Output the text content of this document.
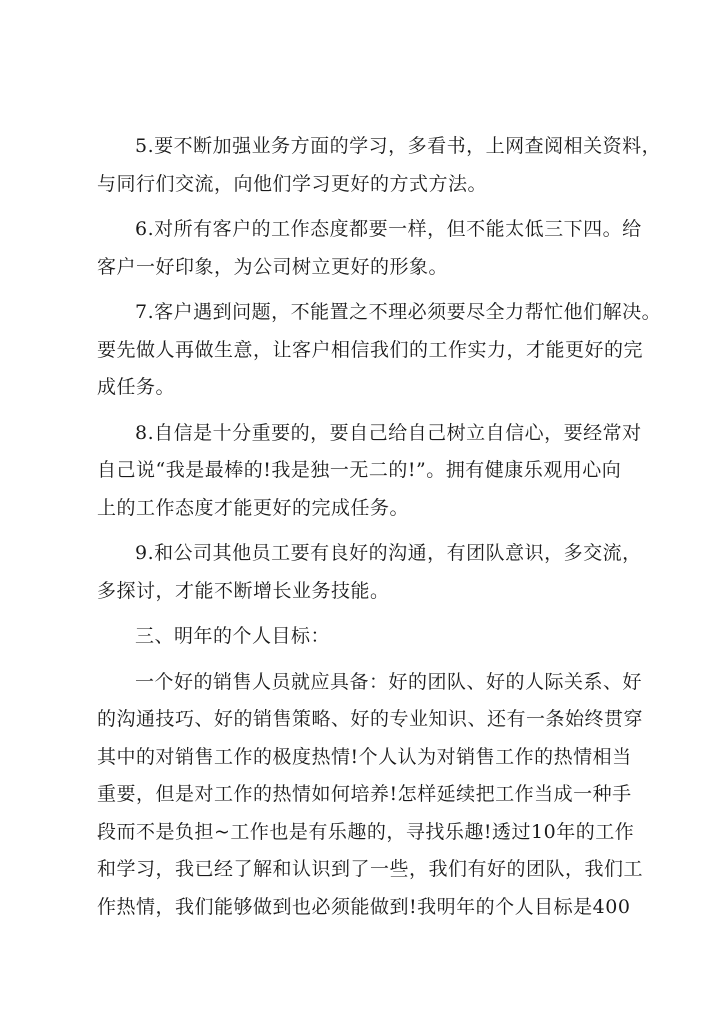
5.要不断加强业务方面的学习，多看书，上网查阅相关资料，
与同行们交流，向他们学习更好的方式方法。

6.对所有客户的工作态度都要一样，但不能太低三下四。给
客户一好印象，为公司树立更好的形象。

7.客户遇到问题，不能置之不理必须要尽全力帮忙他们解决。
要先做人再做生意，让客户相信我们的工作实力，才能更好的完
成任务。

8.自信是十分重要的，要自己给自己树立自信心，要经常对
自己说“我是最棒的!我是独一无二的!”。拥有健康乐观用心向
上的工作态度才能更好的完成任务。

9.和公司其他员工要有良好的沟通，有团队意识，多交流，
多探讨，才能不断增长业务技能。

三、明年的个人目标：

一个好的销售人员就应具备：好的团队、好的人际关系、好
的沟通技巧、好的销售策略、好的专业知识、还有一条始终贯穿
其中的对销售工作的极度热情!个人认为对销售工作的热情相当
重要，但是对工作的热情如何培养!怎样延续把工作当成一种手
段而不是负担~工作也是有乐趣的，寻找乐趣!透过10年的工作
和学习，我已经了解和认识到了一些，我们有好的团队，我们工
作热情，我们能够做到也必须能做到!我明年的个人目标是400
